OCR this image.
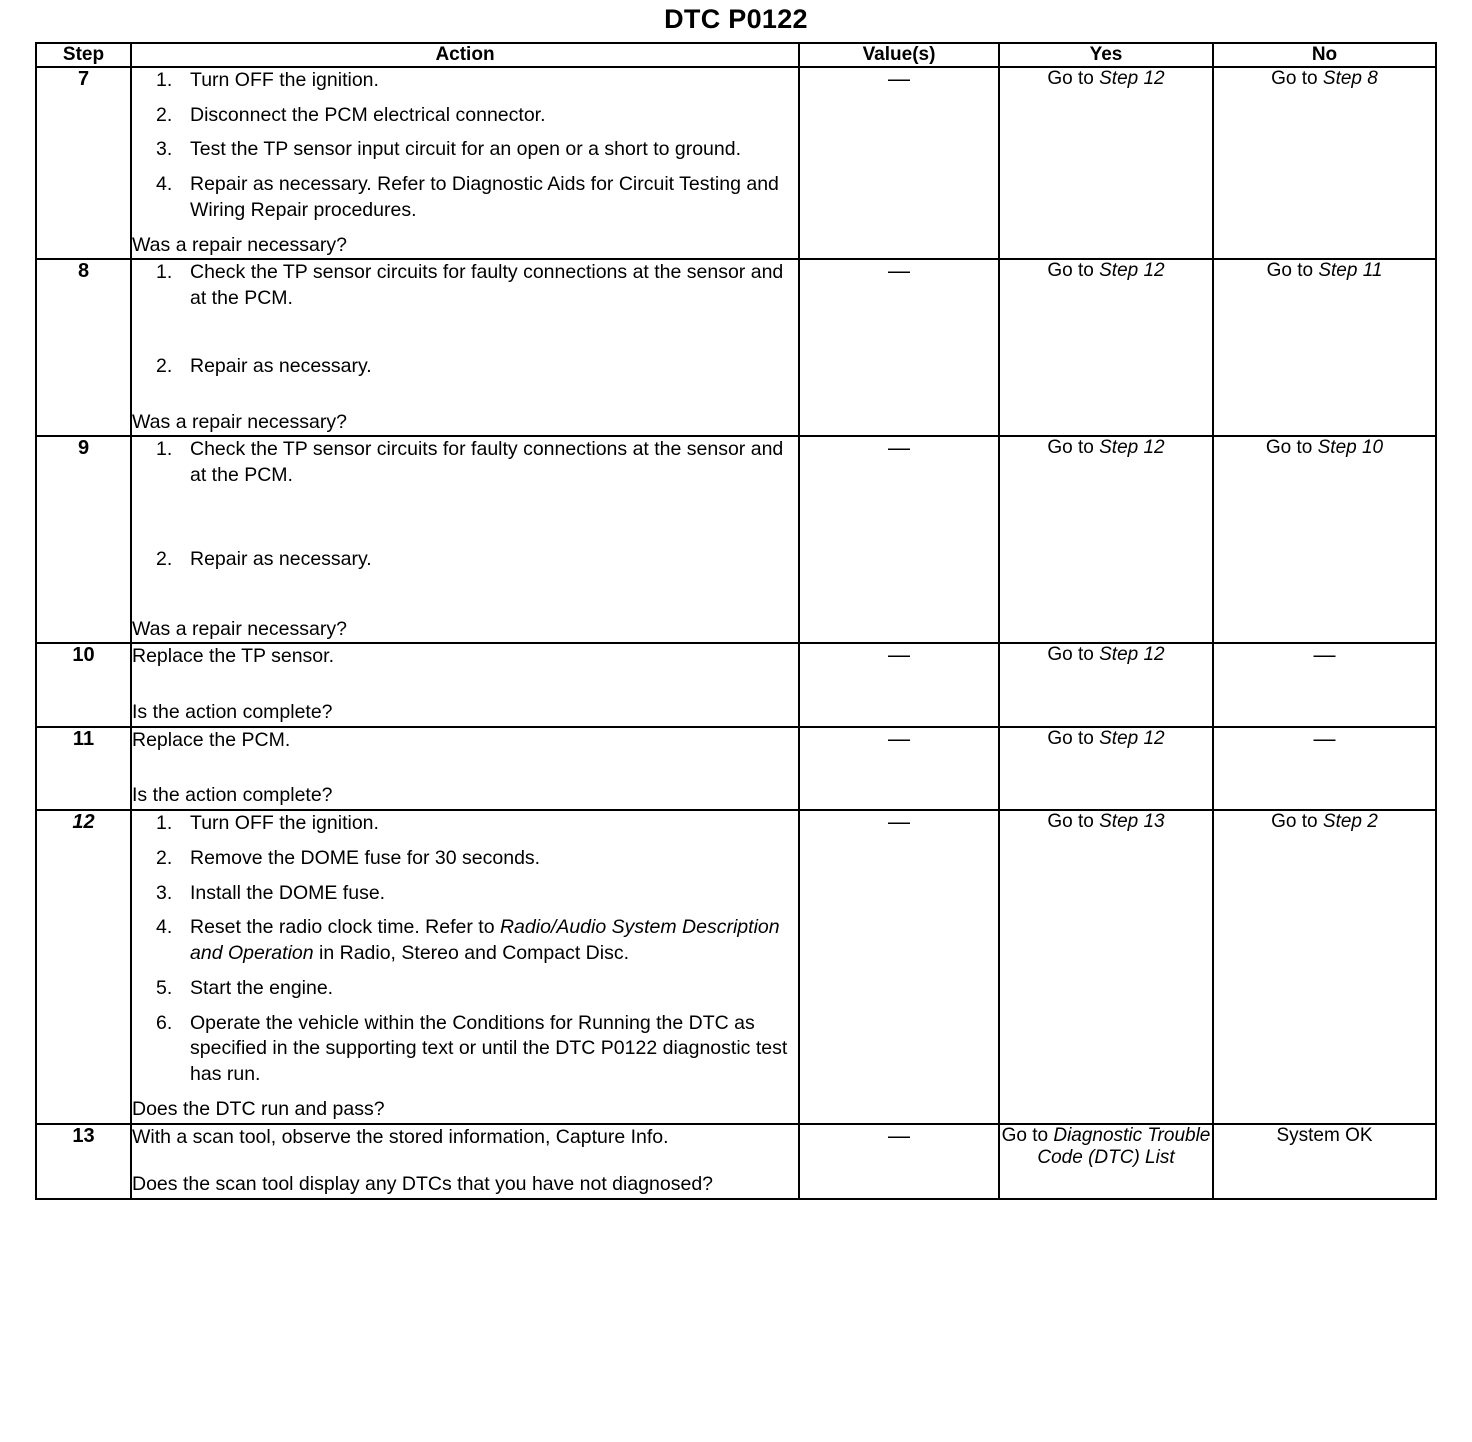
DTC P0122
Step	Action	Value(s)	Yes	No
7	Turn OFF the ignition.
Disconnect the PCM electrical connector.
Test the TP sensor input circuit for an open or a short to ground.
Repair as necessary. Refer to Diagnostic Aids for Circuit Testing and Wiring Repair procedures.
Was a repair necessary?

—	Go to Step 12	Go to Step 8

8	Check the TP sensor circuits for faulty connections at the sensor and at the PCM.
Repair as necessary.
Was a repair necessary?

—	Go to Step 12	Go to Step 11

9	Check the TP sensor circuits for faulty connections at the sensor and at the PCM.
Repair as necessary.
Was a repair necessary?

—	Go to Step 12	Go to Step 10

10	Replace the TP sensor.
Is the action complete?	—	Go to Step 12	—

11	Replace the PCM.
Is the action complete?	—	Go to Step 12	—

12	Turn OFF the ignition.
Remove the DOME fuse for 30 seconds.
Install the DOME fuse.
Reset the radio clock time. Refer to Radio/Audio System Description and Operation in Radio, Stereo and Compact Disc.
Start the engine.
Operate the vehicle within the Conditions for Running the DTC as specified in the supporting text or until the DTC P0122 diagnostic test has run.
Does the DTC run and pass?

—	Go to Step 13	Go to Step 2

13	With a scan tool, observe the stored information, Capture Info.
Does the scan tool display any DTCs that you have not diagnosed?	—	Go to Diagnostic Trouble Code (DTC) List	System OK
